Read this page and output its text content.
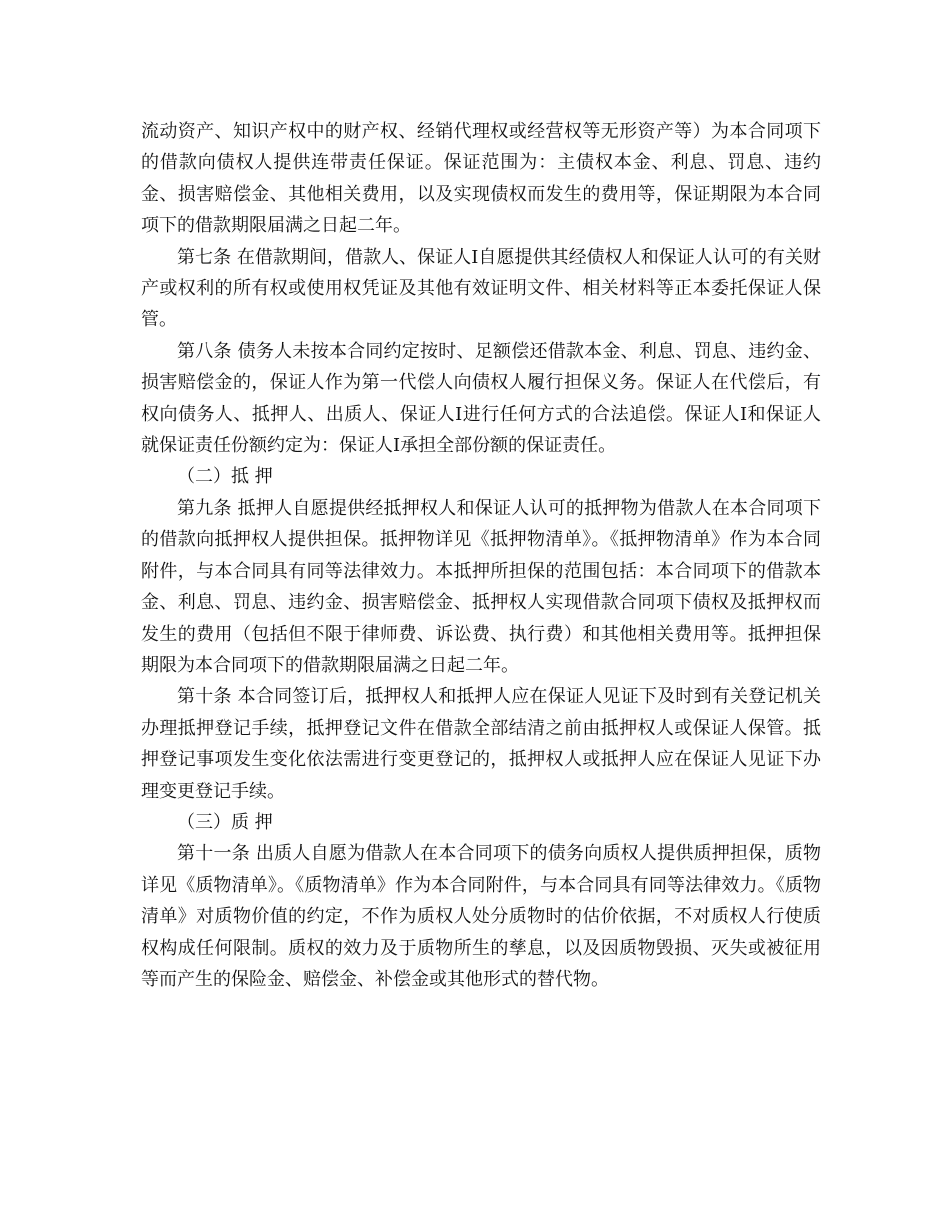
流动资产、知识产权中的财产权、经销代理权或经营权等无形资产等）为本合同项下的借款向债权人提供连带责任保证。保证范围为：主债权本金、利息、罚息、违约金、损害赔偿金、其他相关费用，以及实现债权而发生的费用等，保证期限为本合同项下的借款期限届满之日起二年。

第七条 在借款期间，借款人、保证人Ⅰ自愿提供其经债权人和保证人认可的有关财产或权利的所有权或使用权凭证及其他有效证明文件、相关材料等正本委托保证人保管。

第八条 债务人未按本合同约定按时、足额偿还借款本金、利息、罚息、违约金、损害赔偿金的，保证人作为第一代偿人向债权人履行担保义务。保证人在代偿后，有权向债务人、抵押人、出质人、保证人Ⅰ进行任何方式的合法追偿。保证人Ⅰ和保证人就保证责任份额约定为：保证人Ⅰ承担全部份额的保证责任。

（二）抵 押

第九条 抵押人自愿提供经抵押权人和保证人认可的抵押物为借款人在本合同项下的借款向抵押权人提供担保。抵押物详见《抵押物清单》。《抵押物清单》作为本合同附件，与本合同具有同等法律效力。本抵押所担保的范围包括：本合同项下的借款本金、利息、罚息、违约金、损害赔偿金、抵押权人实现借款合同项下债权及抵押权而发生的费用（包括但不限于律师费、诉讼费、执行费）和其他相关费用等。抵押担保期限为本合同项下的借款期限届满之日起二年。

第十条 本合同签订后，抵押权人和抵押人应在保证人见证下及时到有关登记机关办理抵押登记手续，抵押登记文件在借款全部结清之前由抵押权人或保证人保管。抵押登记事项发生变化依法需进行变更登记的，抵押权人或抵押人应在保证人见证下办理变更登记手续。

（三）质 押

第十一条 出质人自愿为借款人在本合同项下的债务向质权人提供质押担保，质物详见《质物清单》。《质物清单》作为本合同附件，与本合同具有同等法律效力。《质物清单》对质物价值的约定，不作为质权人处分质物时的估价依据，不对质权人行使质权构成任何限制。质权的效力及于质物所生的孳息，以及因质物毁损、灭失或被征用等而产生的保险金、赔偿金、补偿金或其他形式的替代物。
